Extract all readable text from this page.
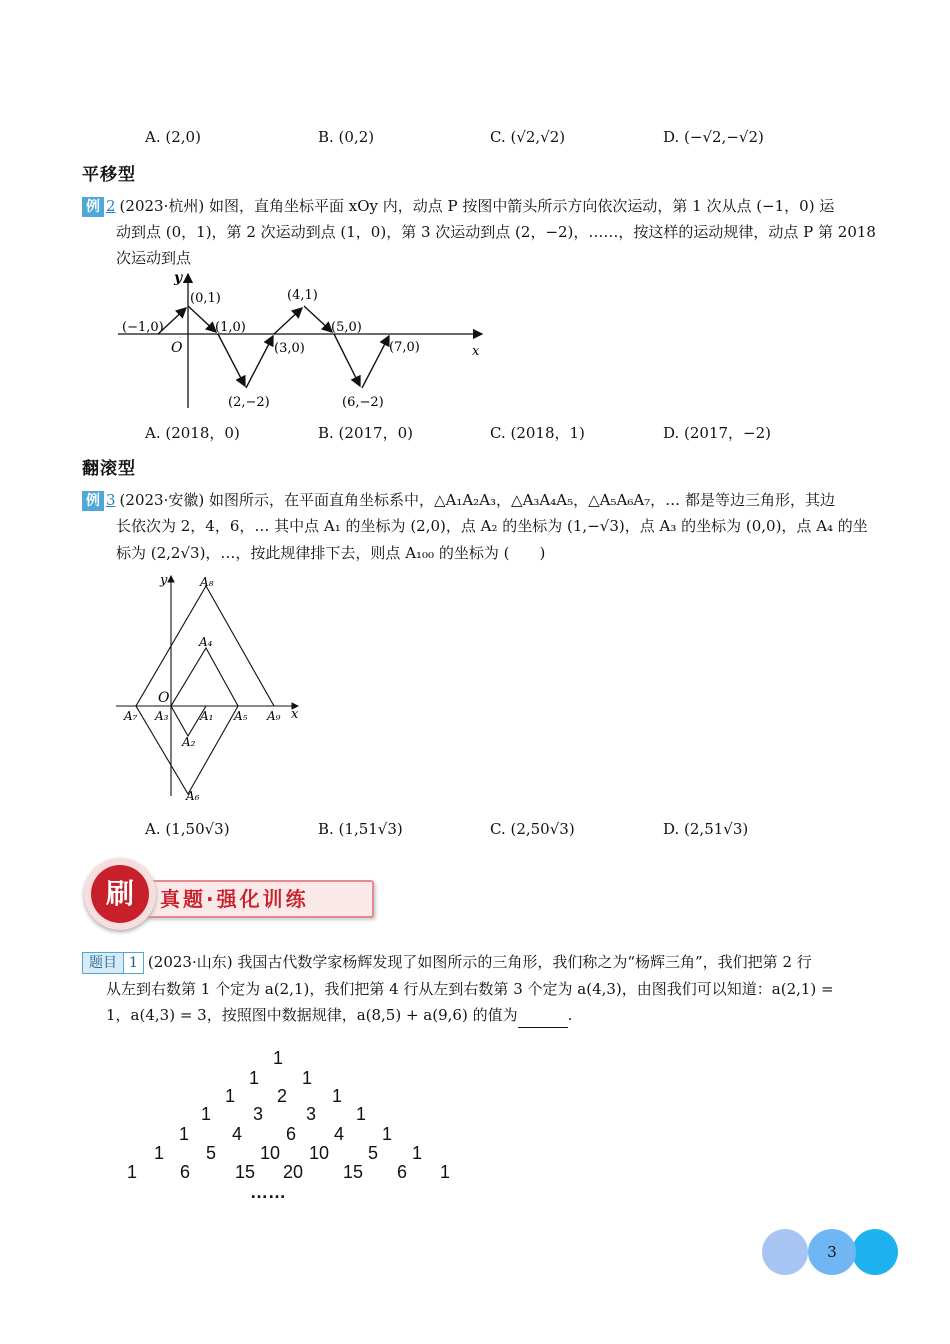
A. (2,0)	B. (0,2)	C. (√2,√2)	D. (−√2,−√2)
平移型
例 2 (2023·杭州) 如图，直角坐标平面 xOy 内，动点 P 按图中箭头所示方向依次运动，第 1 次从点 (−1，0) 运
动到点 (0，1)，第 2 次运动到点 (1，0)，第 3 次运动到点 (2，−2)，……，按这样的运动规律，动点 P 第 2018
次运动到点
y
x
O
(−1,0)
(0,1)
(1,0)
(2,−2)
(3,0)
(4,1)
(5,0)
(6,−2)
(7,0)
A. (2018，0)	B. (2017，0)	C. (2018，1)	D. (2017，−2)
翻滚型
例 3 (2023·安徽) 如图所示，在平面直角坐标系中，△A₁A₂A₃，△A₃A₄A₅，△A₅A₆A₇，… 都是等边三角形，其边
长依次为 2，4，6，… 其中点 A₁ 的坐标为 (2,0)，点 A₂ 的坐标为 (1,−√3)，点 A₃ 的坐标为 (0,0)，点 A₄ 的坐
标为 (2,2√3)，…，按此规律排下去，则点 A₁₀₀ 的坐标为 (　　)
y
x
O
A₁
A₂
A₃
A₄
A₅
A₆
A₇
A₈
A₉
A. (1,50√3)	B. (1,51√3)	C. (2,50√3)	D. (2,51√3)
真题·强化训练
刷
题目 1 (2023·山东) 我国古代数学家杨辉发现了如图所示的三角形，我们称之为“杨辉三角”，我们把第 2 行
从左到右数第 1 个定为 a(2,1)，我们把第 4 行从左到右数第 3 个定为 a(4,3)，由图我们可以知道：a(2,1) =
1，a(4,3) = 3，按照图中数据规律，a(8,5) + a(9,6) 的值为	.
1
1 1
1 2 1
1 3 3 1
1 4 6 4 1
1 5 10 10 5 1
1 6 15 20 15 6 1
……
3
